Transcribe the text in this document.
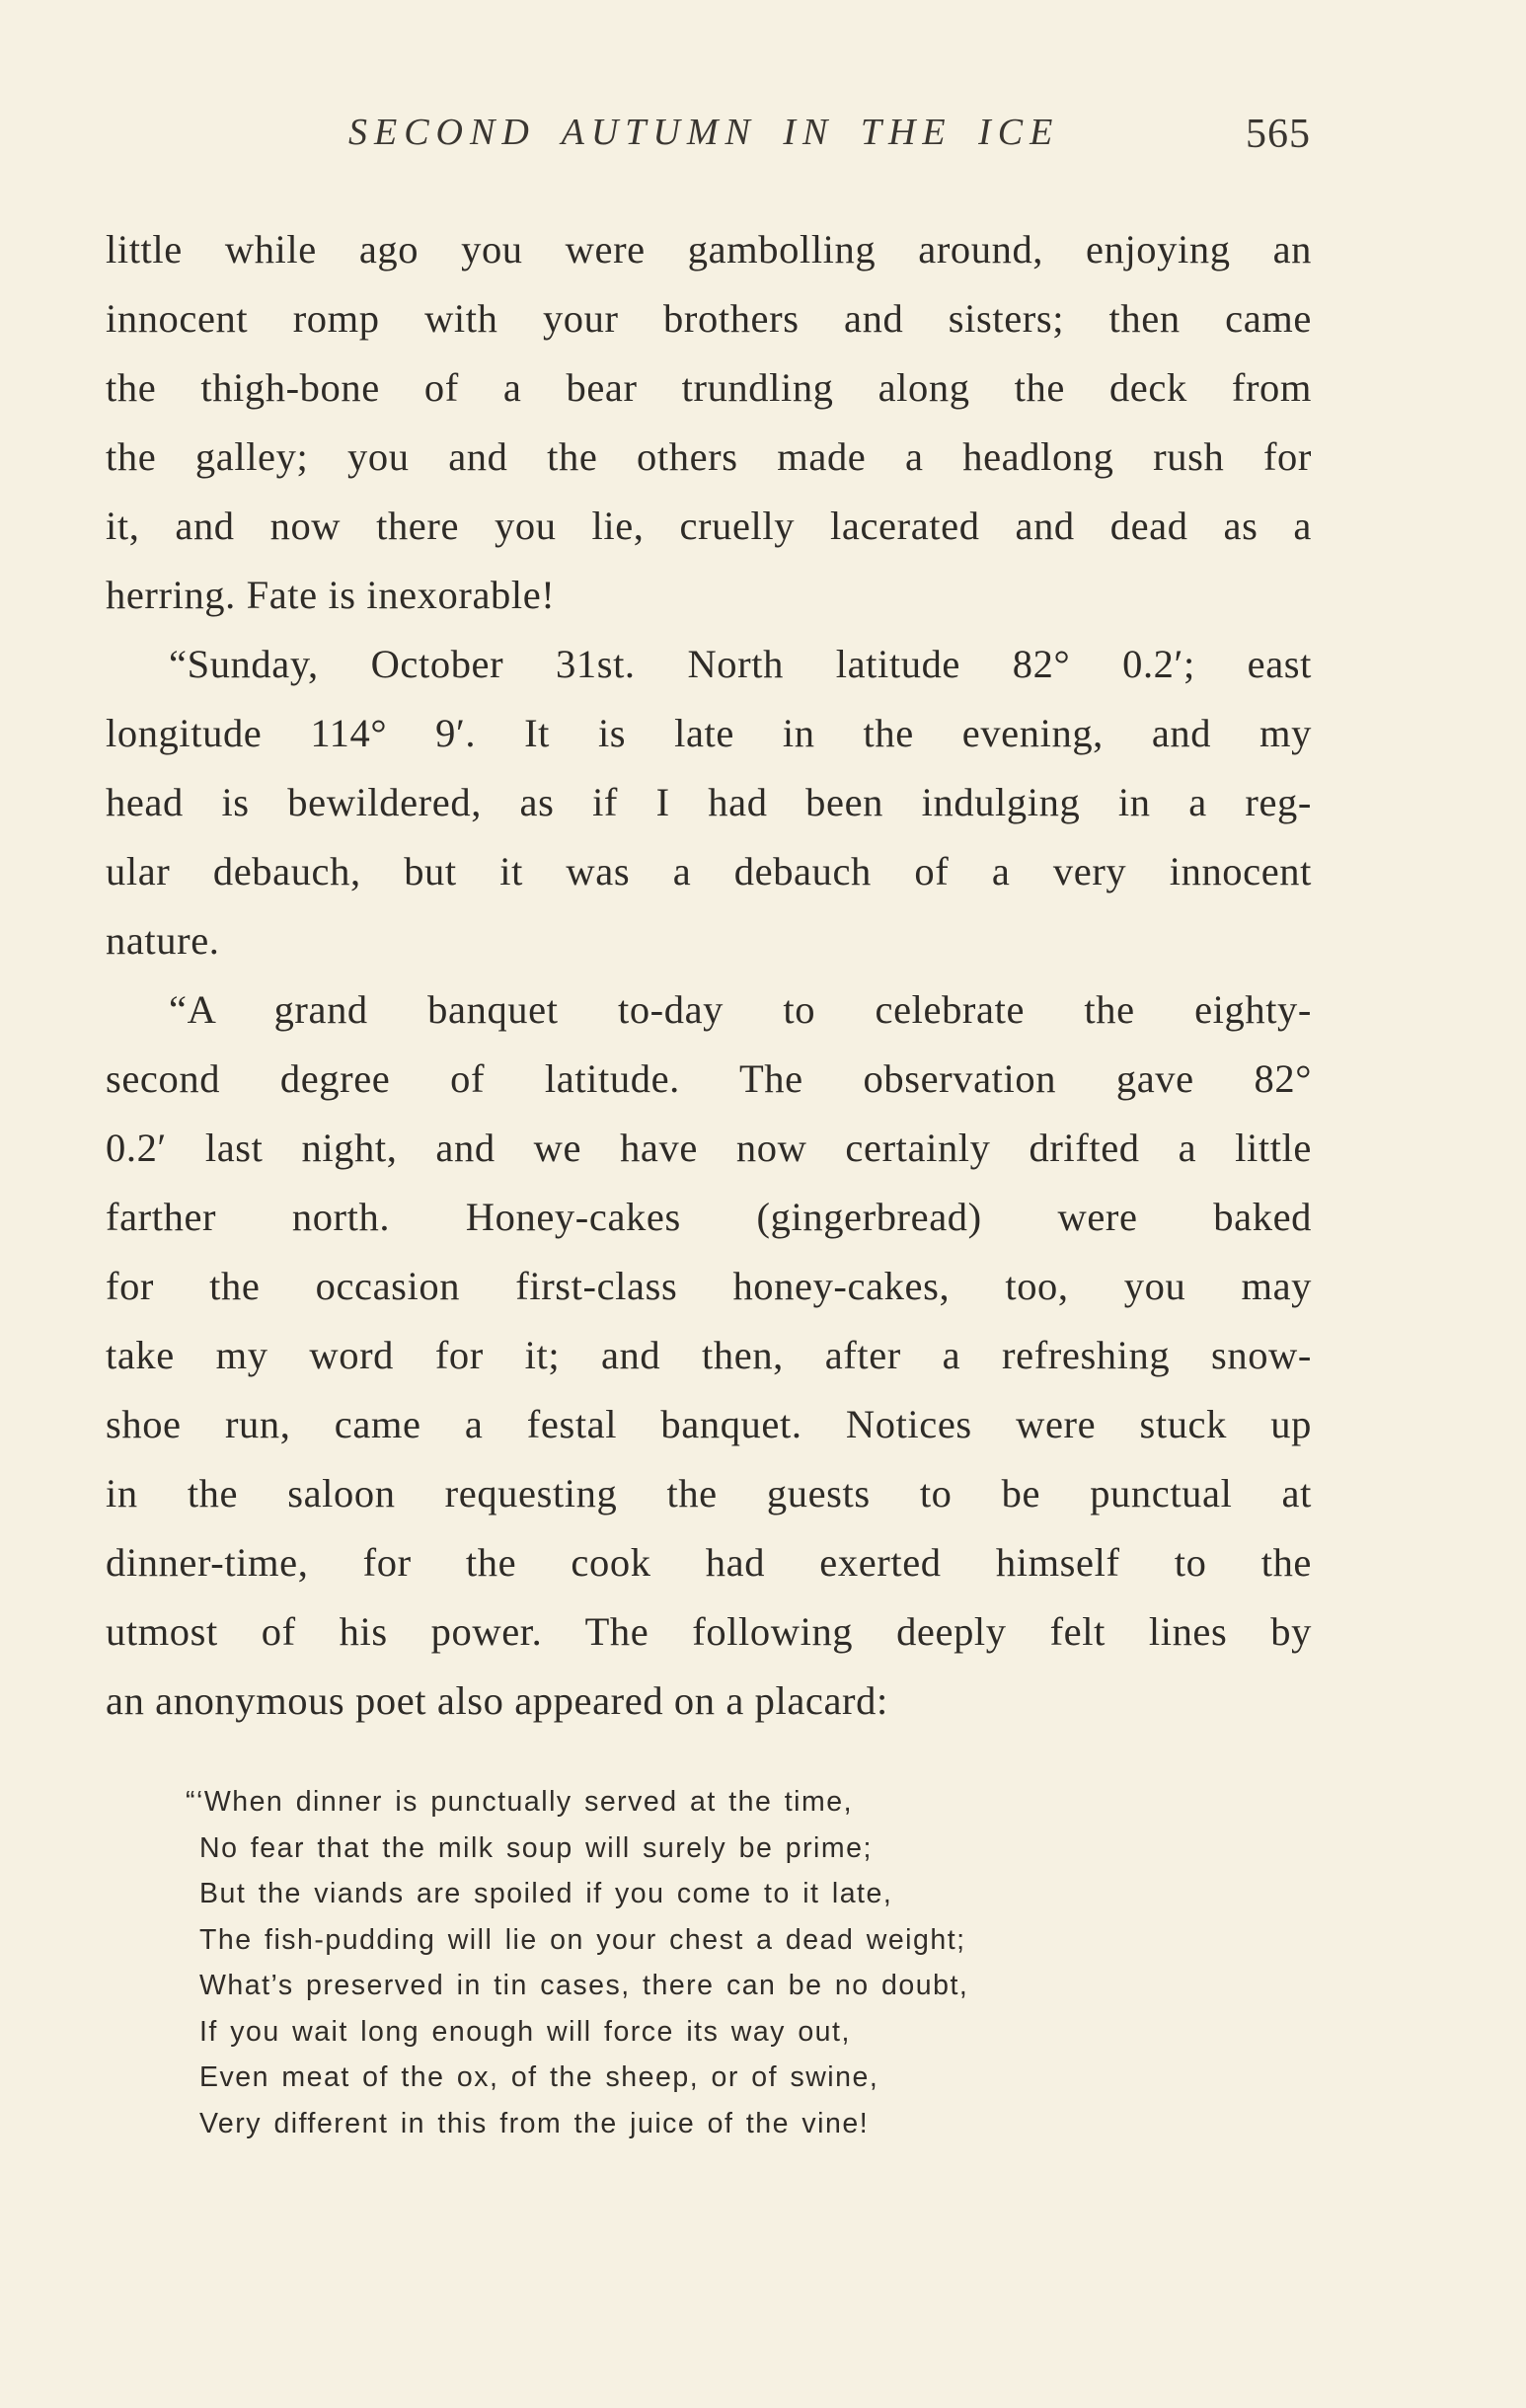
SECOND AUTUMN IN THE ICE	565
little while ago you were gambolling around, enjoying an
innocent romp with your brothers and sisters; then came
the thigh-bone of a bear trundling along the deck from
the galley; you and the others made a headlong rush for
it, and now there you lie, cruelly lacerated and dead as a
herring. Fate is inexorable!
“Sunday, October 31st. North latitude 82° 0.2′; east
longitude 114° 9′. It is late in the evening, and my
head is bewildered, as if I had been indulging in a reg-
ular debauch, but it was a debauch of a very innocent
nature.
“A grand banquet to-day to celebrate the eighty-
second degree of latitude. The observation gave 82°
0.2′ last night, and we have now certainly drifted a little
farther north. Honey-cakes (gingerbread) were baked
for the occasion first-class honey-cakes, too, you may
take my word for it; and then, after a refreshing snow-
shoe run, came a festal banquet. Notices were stuck up
in the saloon requesting the guests to be punctual at
dinner-time, for the cook had exerted himself to the
utmost of his power. The following deeply felt lines by
an anonymous poet also appeared on a placard:
“‘When dinner is punctually served at the time,
No fear that the milk soup will surely be prime;
But the viands are spoiled if you come to it late,
The fish-pudding will lie on your chest a dead weight;
What’s preserved in tin cases, there can be no doubt,
If you wait long enough will force its way out,
Even meat of the ox, of the sheep, or of swine,
Very different in this from the juice of the vine!
